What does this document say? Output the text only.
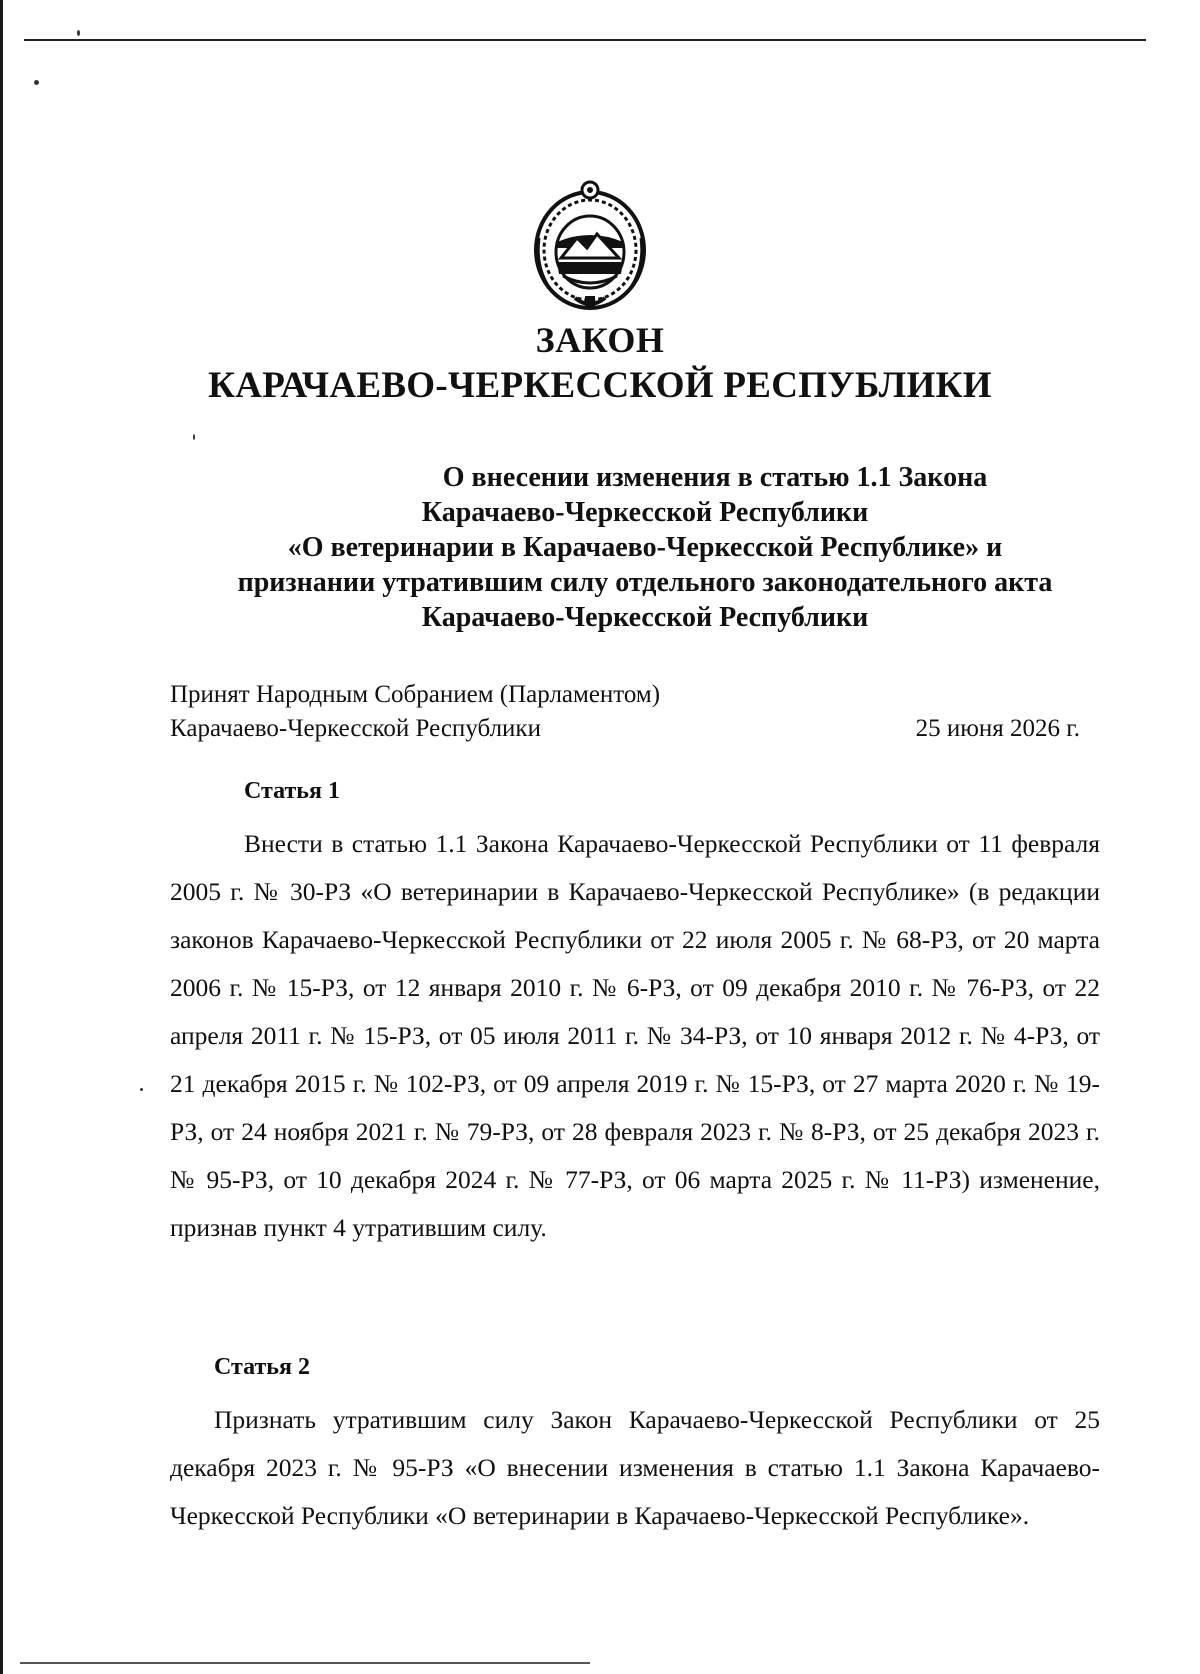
ЗАКОН
КАРАЧАЕВО-ЧЕРКЕССКОЙ РЕСПУБЛИКИ
О внесении изменения в статью 1.1 Закона
Карачаево-Черкесской Республики
«О ветеринарии в Карачаево-Черкесской Республике» и
признании утратившим силу отдельного законодательного акта
Карачаево-Черкесской Республики
Принят Народным Собранием (Парламентом)
Карачаево-Черкесской Республики	25 июня 2026 г.
Статья 1
Внести в статью 1.1 Закона Карачаево-Черкесской Республики от 11 февраля 2005 г. № 30-РЗ «О ветеринарии в Карачаево-Черкесской Республике» (в редакции законов Карачаево-Черкесской Республики от 22 июля 2005 г. № 68-РЗ, от 20 марта 2006 г. № 15-РЗ, от 12 января 2010 г. № 6-РЗ, от 09 декабря 2010 г. № 76-РЗ, от 22 апреля 2011 г. № 15-РЗ, от 05 июля 2011 г. № 34-РЗ, от 10 января 2012 г. № 4-РЗ, от 21 декабря 2015 г. № 102-РЗ, от 09 апреля 2019 г. № 15-РЗ, от 27 марта 2020 г. № 19-РЗ, от 24 ноября 2021 г. № 79-РЗ, от 28 февраля 2023 г. № 8-РЗ, от 25 декабря 2023 г. № 95-РЗ, от 10 декабря 2024 г. № 77-РЗ, от 06 марта 2025 г. № 11-РЗ) изменение, признав пункт 4 утратившим силу.
Статья 2
Признать утратившим силу Закон Карачаево-Черкесской Республики от 25 декабря 2023 г. № 95-РЗ «О внесении изменения в статью 1.1 Закона Карачаево-Черкесской Республики «О ветеринарии в Карачаево-Черкесской Республике».
